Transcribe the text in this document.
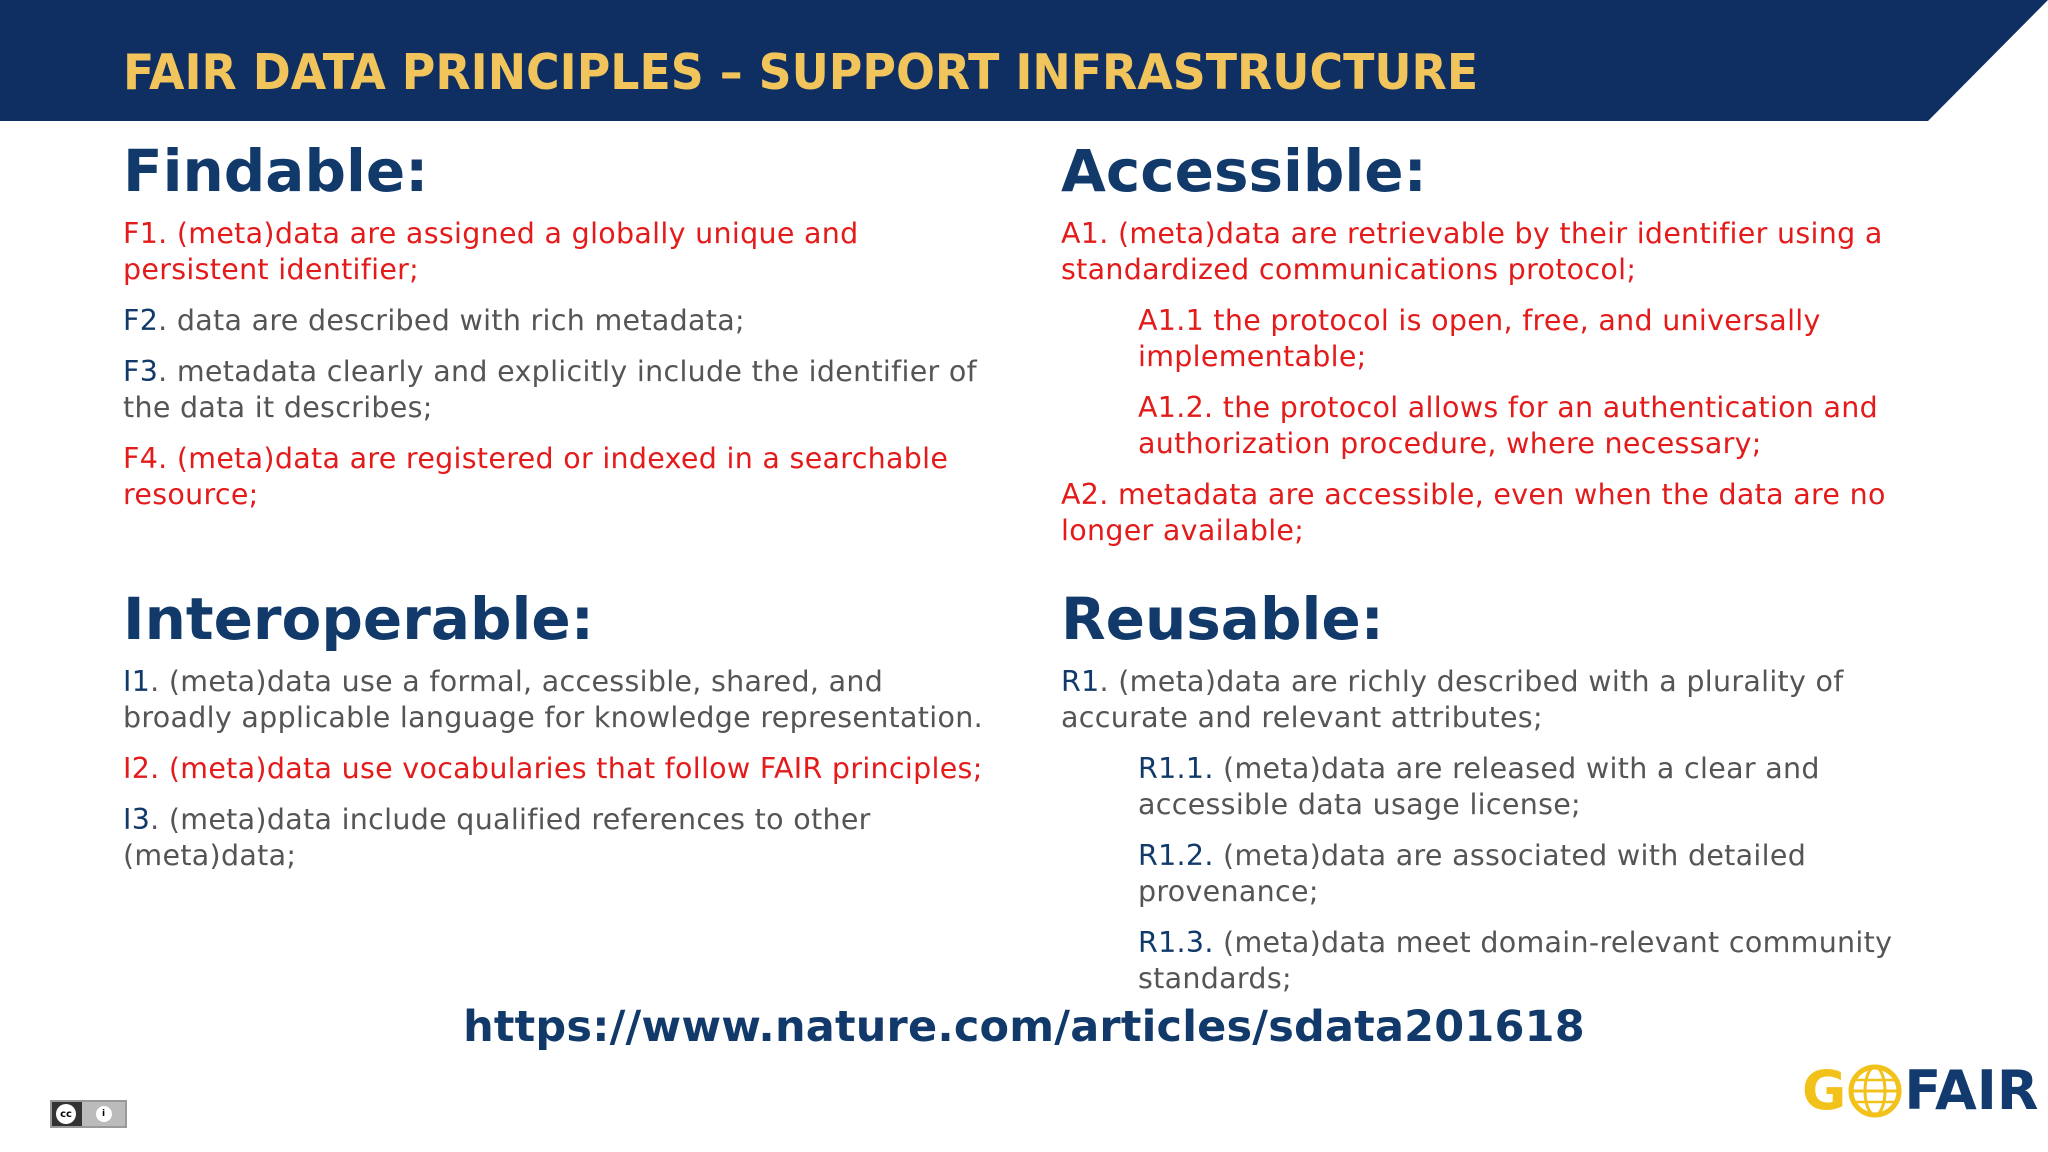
FAIR DATA PRINCIPLES – SUPPORT INFRASTRUCTURE
Findable:
F1. (meta)data are assigned a globally unique and persistent identifier;
F2. data are described with rich metadata;
F3. metadata clearly and explicitly include the identifier of the data it describes;
F4. (meta)data are registered or indexed in a searchable resource;
Accessible:
A1. (meta)data are retrievable by their identifier using a standardized communications protocol;
A1.1 the protocol is open, free, and universally implementable;
A1.2. the protocol allows for an authentication and authorization procedure, where necessary;
A2. metadata are accessible, even when the data are no longer available;
Interoperable:
I1. (meta)data use a formal, accessible, shared, and broadly applicable language for knowledge representation.
I2. (meta)data use vocabularies that follow FAIR principles;
I3. (meta)data include qualified references to other (meta)data;
Reusable:
R1. (meta)data are richly described with a plurality of accurate and relevant attributes;
R1.1. (meta)data are released with a clear and accessible data usage license;
R1.2. (meta)data are associated with detailed provenance;
R1.3. (meta)data meet domain-relevant community standards;
https://www.nature.com/articles/sdata201618
cc	i	G FAIR
